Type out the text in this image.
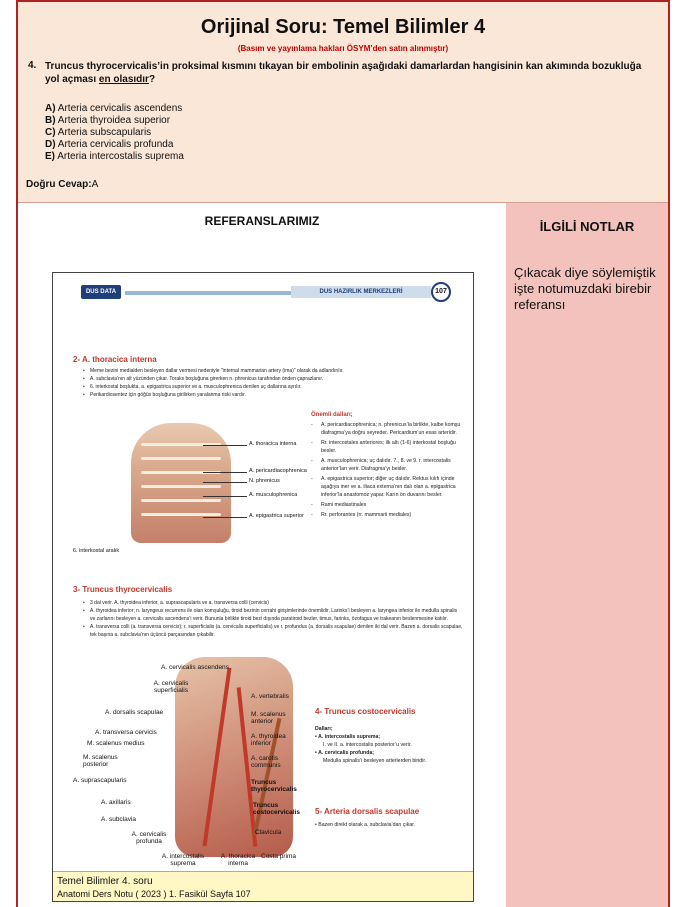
Orijinal Soru: Temel Bilimler 4
(Basım ve yayınlama hakları ÖSYM’den satın alınmıştır)
4. Truncus thyrocervicalis’in proksimal kısmını tıkayan bir embolinin aşağıdaki damarlardan hangisinin kan akımında bozukluğa yol açması en olasıdır?
A) Arteria cervicalis ascendens
B) Arteria thyroidea superior
C) Arteria subscapularis
D) Arteria cervicalis profunda
E) Arteria intercostalis suprema
Doğru Cevap:A
REFERANSLARIMIZ	İLGİLİ NOTLAR
Çıkacak diye söylemiştik işte notumuzdaki birebir referansı
DUS DATA	DUS HAZIRLIK MERKEZLERİ	107
2- A. thoracica interna
• Meme bezini medialden besleyen dallar vermesi nedeniyle "internal mammarian artery (ima)" olarak da adlandırılır.
• A. subclavia’nın alt yüzünden çıkar. Toraks boşluğuna girerken n. phrenicus tarafından önden çaprazlanır.
• 6. interkostal boşlukta, a. epigastrica superior ve a. musculophrenica denilen uç dallarına ayrılır.
• Perikardiosentez için göğüs boşluğuna girilirken yaralanma riski vardır.
A. thoracica interna
A. pericardiacophrenica
N. phrenicus
A. musculophrenica
A. epigastrica superior
6. interkostal aralık
Önemli dalları;
- A. pericardiacophrenica; n. phrenicus’la birlikte, kalbe komşu diafragma’ya doğru seyreder. Pericardium’un esas arteridir.
- Rr. intercostales anteriores; ilk altı (1-6) interkostal boşluğu besler.
- A. musculophrenica; uç dalıdır. 7., 8. ve 9. r. intercostalis anterior’ları verir. Diafragma’yı besler.
- A. epigastrica superior; diğer uç dalıdır. Rektus kılıfı içinde aşağıya iner ve a. iliaca externa’nın dalı olan a. epigastrica inferior’la anastomoz yapar. Karın ön duvarını besler.
- Rami mediastinales
- Rr. perforantes (rr. mammarii mediales)
3- Truncus thyrocervicalis
• 3 dal verir. A. thyroidea inferior, a. suprascapularis ve a. transversa colli (cervicis)
• A. thyroidea inferior; n. laryngeus recurrens ile olan komşuluğu, tiroid bezinin cerrahi girişimlerinde önemlidir. Larinks’i besleyen a. laryngea inferior ile medulla spinalis ve zarlarını besleyen a. cervicalis ascendens’i verir. Bununla birlikte tiroid bezi dışında paratiroid bezler, timus, farinks, özofagus ve trakeanın beslenmesine katılır.
• A. transversa colli (a. transversa cervicis); r. superficialis (a. cervicalis superficialis) ve r. profundus (a. dorsalis scapulae) denilen iki dal verir. Bazen a. dorsalis scapulae, tek başına a. subclavia’nın üçüncü parçasından çıkabilir.
A. cervicalis ascendens
A. cervicalis superficialis
A. dorsalis scapulae
A. transversa cervicis
M. scalenus medius
M. scalenus posterior
A. suprascapularis
A. axillaris
A. subclavia
A. cervicalis profunda
A. intercostalis suprema
A. thoracica interna
A. vertebralis
M. scalenus anterior
A. thyroidea inferior
A. carotis communis
Truncus thyrocervicalis
Truncus costocervicalis
Clavicula
Costa prima
4- Truncus costocervicalis
Dalları;
• A. intercostalis suprema;
I. ve II. a. intercostalis posterior’u verir.
• A. cervicalis profunda;
Medulla spinalis’i besleyen arterlerden biridir.
5- Arteria dorsalis scapulae
• Bazen direkt olarak a. subclavia’dan çıkar.
Temel Bilimler 4. soru
Anatomi Ders Notu ( 2023 ) 1. Fasikül Sayfa 107
